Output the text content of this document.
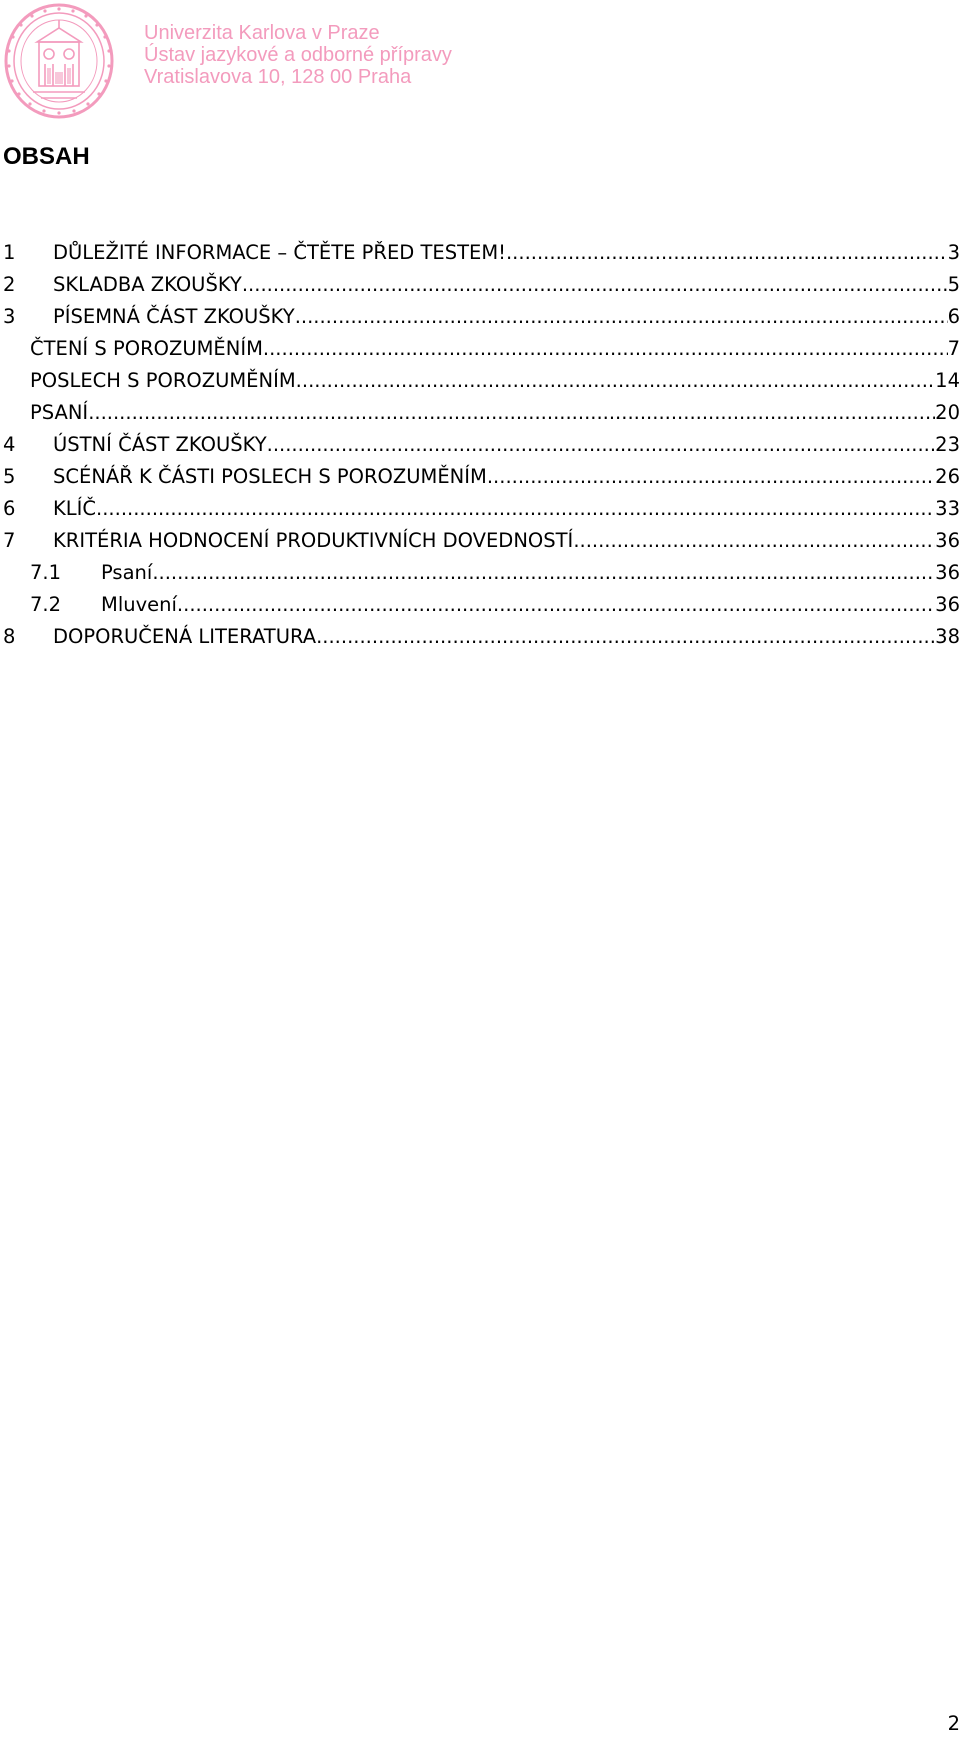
Univerzita Karlova v Praze
Ústav jazykové a odborné přípravy
Vratislavova 10, 128 00 Praha
OBSAH
1	DŮLEŽITÉ INFORMACE – ČTĚTE PŘED TESTEM! .....	3
2	SKLADBA ZKOUŠKY .....	5
3	PÍSEMNÁ ČÁST ZKOUŠKY .....	6
ČTENÍ S POROZUMĚNÍM .....	7
POSLECH S POROZUMĚNÍM .....	14
PSANÍ .....	20
4	ÚSTNÍ ČÁST ZKOUŠKY .....	23
5	SCÉNÁŘ K ČÁSTI POSLECH S POROZUMĚNÍM .....	26
6	KLÍČ .....	33
7	KRITÉRIA HODNOCENÍ PRODUKTIVNÍCH DOVEDNOSTÍ .....	36
7.1	Psaní .....	36
7.2	Mluvení .....	36
8	DOPORUČENÁ LITERATURA .....	38
2
